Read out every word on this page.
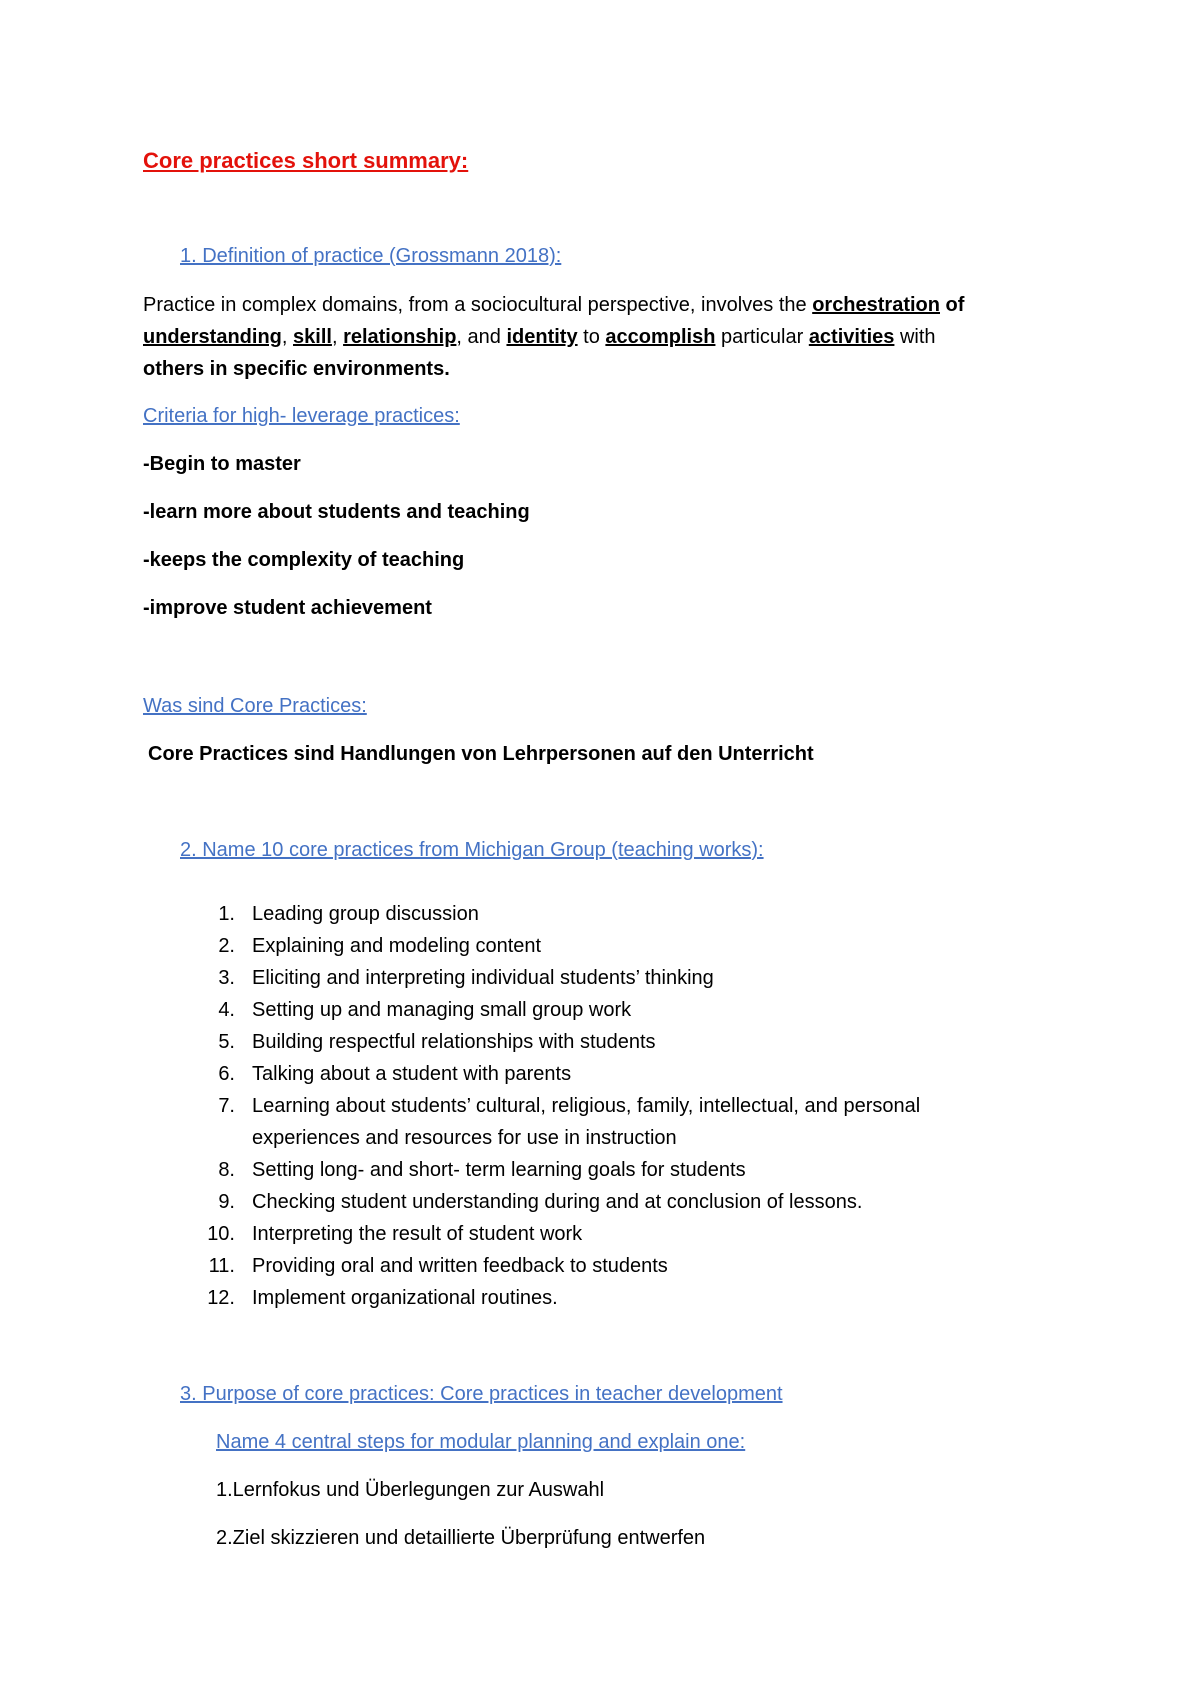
Core practices short summary:
1. Definition of practice (Grossmann 2018):
Practice in complex domains, from a sociocultural perspective, involves the orchestration of
understanding, skill, relationship, and identity to accomplish particular activities with
others in specific environments.
Criteria for high- leverage practices:
-Begin to master
-learn more about students and teaching
-keeps the complexity of teaching
-improve student achievement
Was sind Core Practices:
Core Practices sind Handlungen von Lehrpersonen auf den Unterricht
2. Name 10 core practices from Michigan Group (teaching works):
1. Leading group discussion
2. Explaining and modeling content
3. Eliciting and interpreting individual students’ thinking
4. Setting up and managing small group work
5. Building respectful relationships with students
6. Talking about a student with parents
7. Learning about students’ cultural, religious, family, intellectual, and personal
experiences and resources for use in instruction
8. Setting long- and short- term learning goals for students
9. Checking student understanding during and at conclusion of lessons.
10. Interpreting the result of student work
11. Providing oral and written feedback to students
12. Implement organizational routines.
3. Purpose of core practices: Core practices in teacher development
Name 4 central steps for modular planning and explain one:
1.Lernfokus und Überlegungen zur Auswahl
2.Ziel skizzieren und detaillierte Überprüfung entwerfen
